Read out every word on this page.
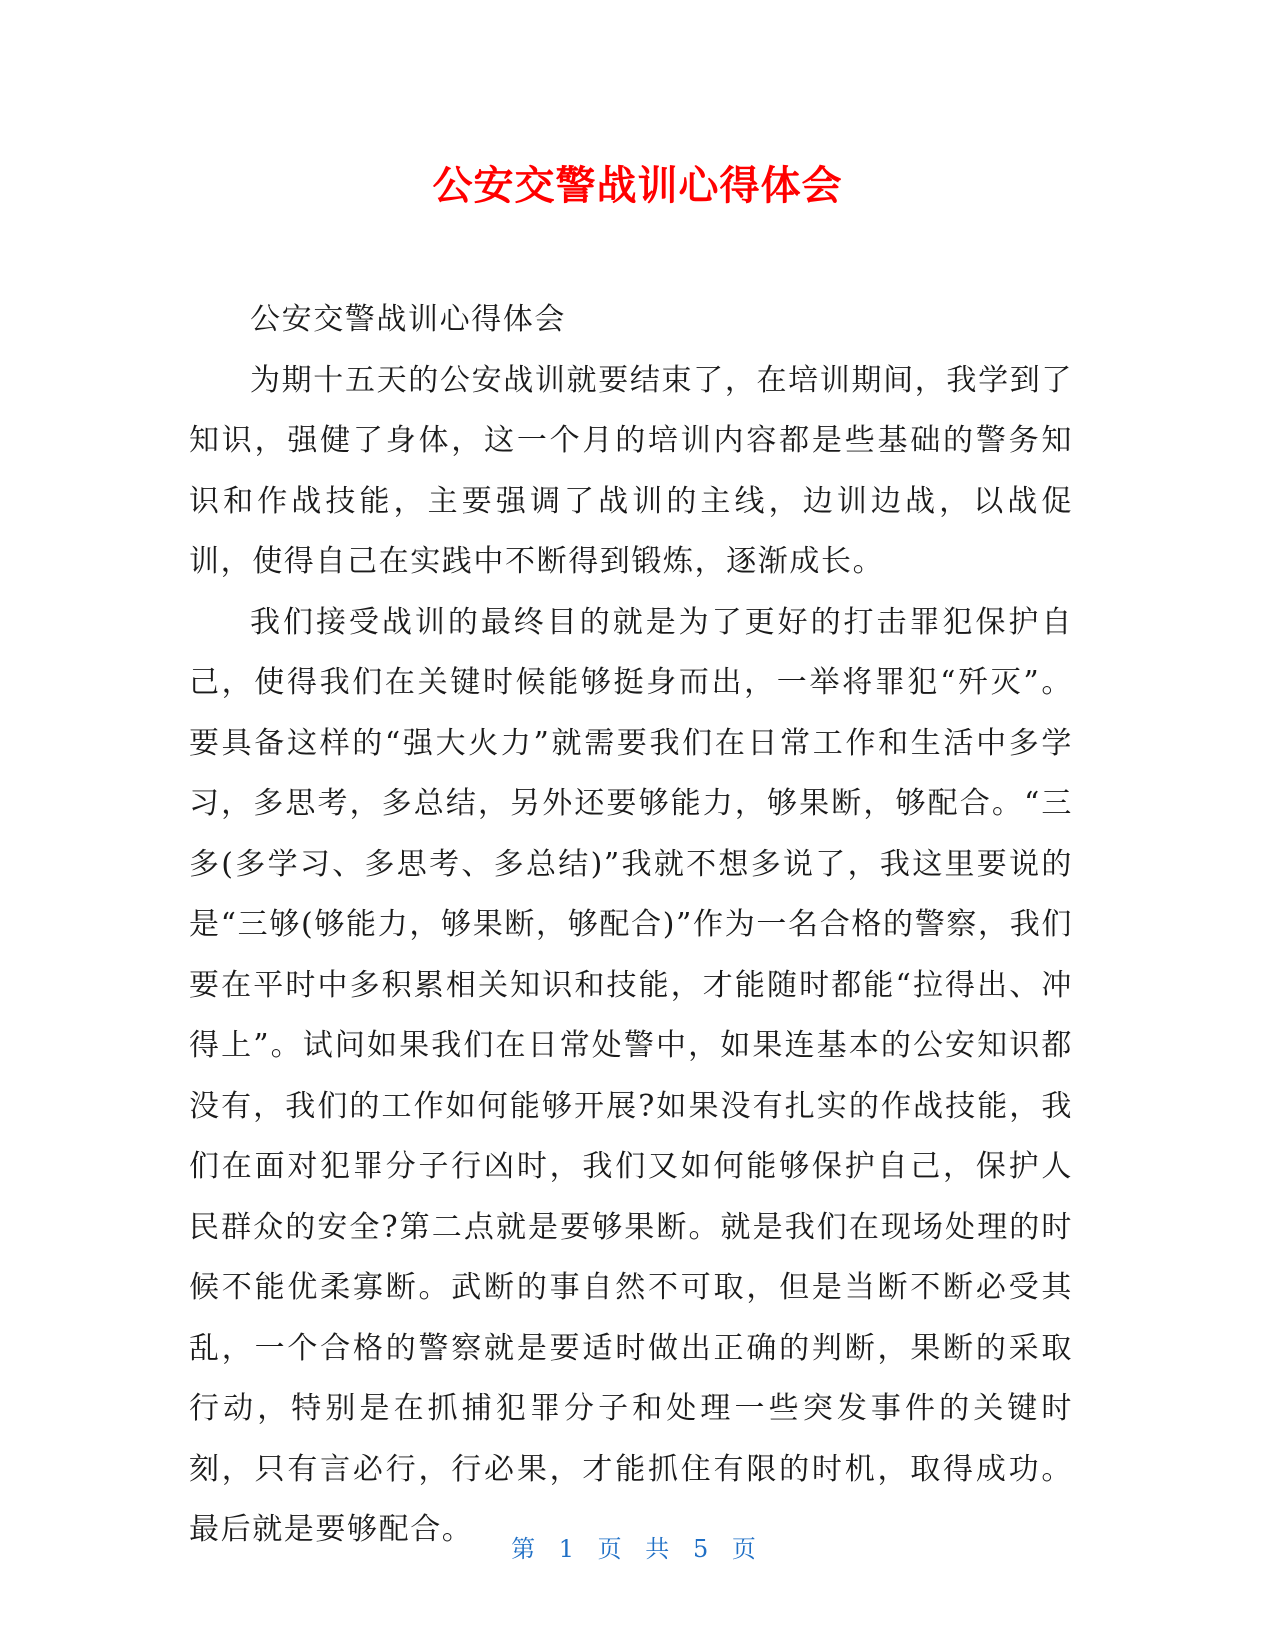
公安交警战训心得体会

公安交警战训心得体会

为期十五天的公安战训就要结束了，在培训期间，我学到了知识，强健了身体，这一个月的培训内容都是些基础的警务知识和作战技能，主要强调了战训的主线，边训边战，以战促训，使得自己在实践中不断得到锻炼，逐渐成长。

我们接受战训的最终目的就是为了更好的打击罪犯保护自己，使得我们在关键时候能够挺身而出，一举将罪犯“歼灭”。要具备这样的“强大火力”就需要我们在日常工作和生活中多学习，多思考，多总结，另外还要够能力，够果断，够配合。“三多(多学习、多思考、多总结)”我就不想多说了，我这里要说的是“三够(够能力，够果断，够配合)”作为一名合格的警察，我们要在平时中多积累相关知识和技能，才能随时都能“拉得出、冲得上”。试问如果我们在日常处警中，如果连基本的公安知识都没有，我们的工作如何能够开展?如果没有扎实的作战技能，我们在面对犯罪分子行凶时，我们又如何能够保护自己，保护人民群众的安全?第二点就是要够果断。就是我们在现场处理的时候不能优柔寡断。武断的事自然不可取，但是当断不断必受其乱，一个合格的警察就是要适时做出正确的判断，果断的采取行动，特别是在抓捕犯罪分子和处理一些突发事件的关键时刻，只有言必行，行必果，才能抓住有限的时机，取得成功。最后就是要够配合。

第 1 页 共 5 页
